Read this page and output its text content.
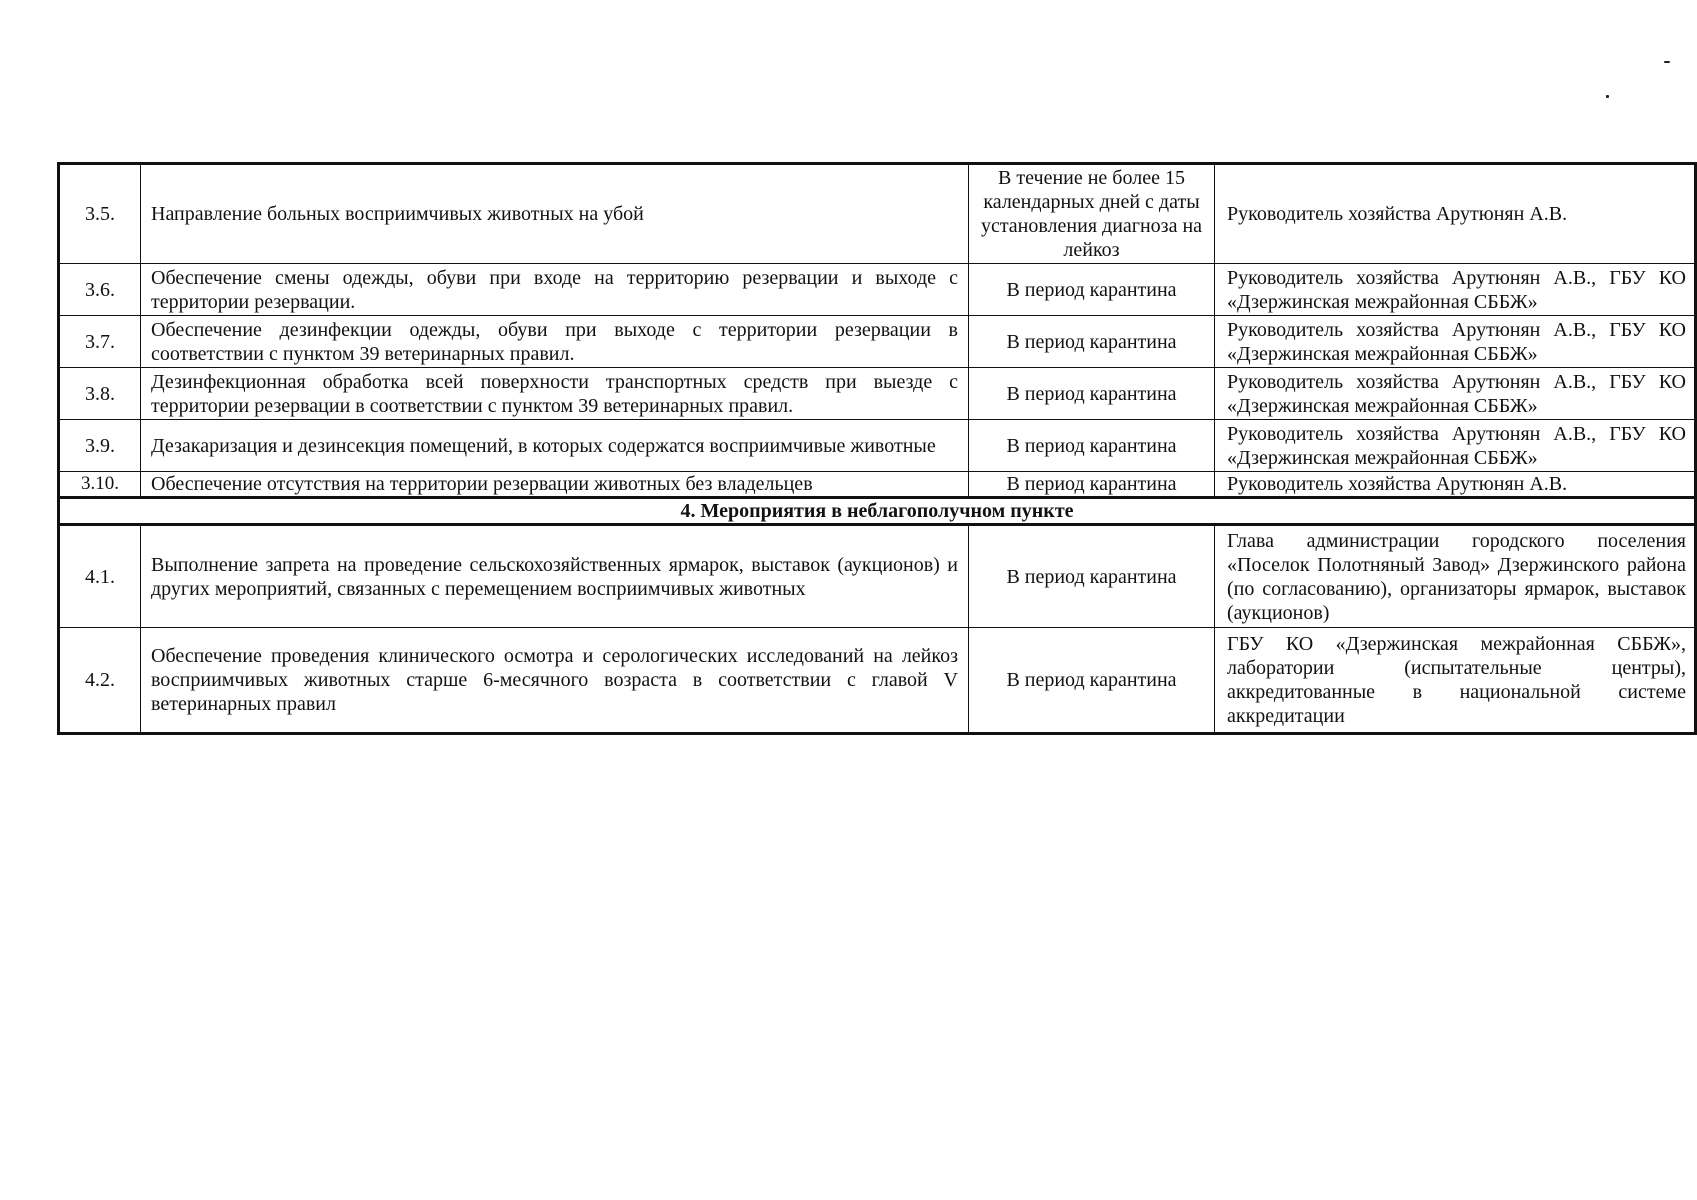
3.5.	Направление больных восприимчивых животных на убой	В течение не более 15 календарных дней с даты установления диагноза на лейкоз	Руководитель хозяйства Арутюнян А.В.
3.6.	Обеспечение смены одежды, обуви при входе на территорию резервации и выходе с территории резервации.	В период карантина	Руководитель хозяйства Арутюнян А.В., ГБУ КО «Дзержинская межрайонная СББЖ»
3.7.	Обеспечение дезинфекции одежды, обуви при выходе с территории резервации в соответствии с пунктом 39 ветеринарных правил.	В период карантина	Руководитель хозяйства Арутюнян А.В., ГБУ КО «Дзержинская межрайонная СББЖ»
3.8.	Дезинфекционная обработка всей поверхности транспортных средств при выезде с территории резервации в соответствии с пунктом 39 ветеринарных правил.	В период карантина	Руководитель хозяйства Арутюнян А.В., ГБУ КО «Дзержинская межрайонная СББЖ»
3.9.	Дезакаризация и дезинсекция помещений, в которых содержатся восприимчивые животные	В период карантина	Руководитель хозяйства Арутюнян А.В., ГБУ КО «Дзержинская межрайонная СББЖ»
3.10.	Обеспечение отсутствия на территории резервации животных без владельцев	В период карантина	Руководитель хозяйства Арутюнян А.В.
4. Мероприятия в неблагополучном пункте			
4.1.	Выполнение запрета на проведение сельскохозяйственных ярмарок, выставок (аукционов) и других мероприятий, связанных с перемещением восприимчивых животных	В период карантина	Глава администрации городского поселения «Поселок Полотняный Завод» Дзержинского района (по согласованию), организаторы ярмарок, выставок (аукционов)
4.2.	Обеспечение проведения клинического осмотра и серологических исследований на лейкоз восприимчивых животных старше 6-месячного возраста в соответствии с главой V ветеринарных правил	В период карантина	ГБУ КО «Дзержинская межрайонная СББЖ», лаборатории (испытательные центры), аккредитованные в национальной системе аккредитации
